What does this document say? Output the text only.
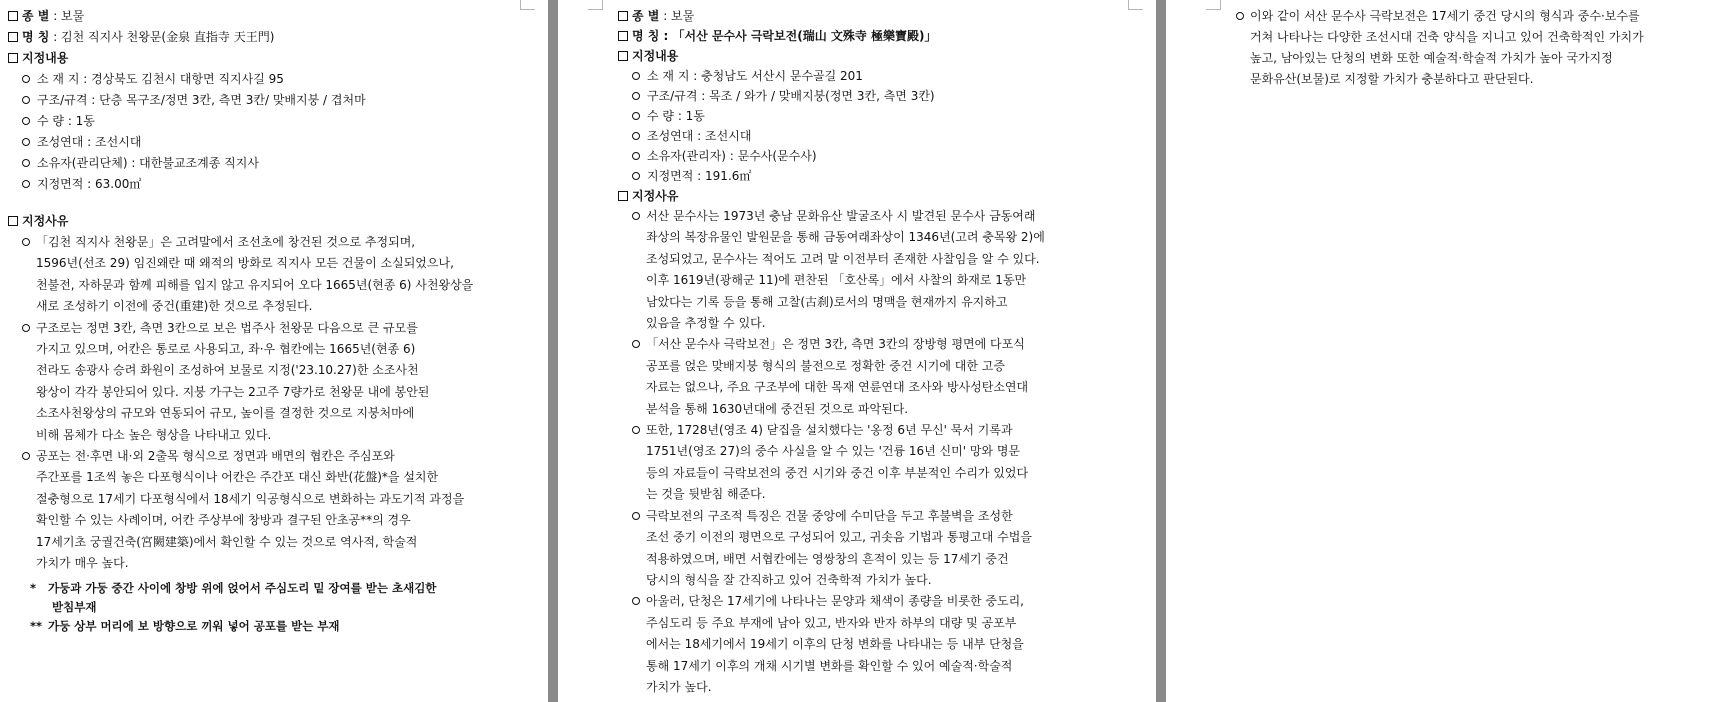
종 별 : 보물
명 칭 : 김천 직지사 천왕문(金泉 直指寺 天王門)
지정내용
소 재 지 : 경상북도 김천시 대항면 직지사길 95
구조/규격 : 단층 목구조/정면 3칸, 측면 3칸/ 맞배지붕 / 겹처마
수 량 : 1동
조성연대 : 조선시대
소유자(관리단체) : 대한불교조계종 직지사
지정면적 : 63.00㎡
지정사유
「김천 직지사 천왕문」은 고려말에서 조선초에 창건된 것으로 추정되며,
1596년(선조 29) 임진왜란 때 왜적의 방화로 직지사 모든 건물이 소실되었으나,
천불전, 자하문과 함께 피해를 입지 않고 유지되어 오다 1665년(현종 6) 사천왕상을
새로 조성하기 이전에 중건(重建)한 것으로 추정된다.
구조로는 정면 3칸, 측면 3칸으로 보은 법주사 천왕문 다음으로 큰 규모를
가지고 있으며, 어칸은 통로로 사용되고, 좌·우 협칸에는 1665년(현종 6)
전라도 송광사 승려 화원이 조성하여 보물로 지정('23.10.27)한 소조사천
왕상이 각각 봉안되어 있다. 지붕 가구는 2고주 7량가로 천왕문 내에 봉안된
소조사천왕상의 규모와 연동되어 규모, 높이를 결정한 것으로 지붕처마에
비해 몸체가 다소 높은 형상을 나타내고 있다.
공포는 전·후면 내·외 2출목 형식으로 정면과 배면의 협칸은 주심포와
주간포를 1조씩 놓은 다포형식이나 어칸은 주간포 대신 화반(花盤)*을 설치한
절충형으로 17세기 다포형식에서 18세기 익공형식으로 변화하는 과도기적 과정을
확인할 수 있는 사례이며, 어칸 주상부에 창방과 결구된 안초공**의 경우
17세기초 궁궐건축(宮闕建築)에서 확인할 수 있는 것으로 역사적, 학술적
가치가 매우 높다.
* 가둥과 가둥 중간 사이에 창방 위에 얹어서 주심도리 밑 장여를 받는 초새김한
받침부재
** 가둥 상부 머리에 보 방향으로 끼워 넣어 공포를 받는 부재
종 별 : 보물
명 칭 : 「서산 문수사 극락보전(瑞山 文殊寺 極樂寶殿)」
지정내용
소 재 지 : 충청남도 서산시 문수골길 201
구조/규격 : 목조 / 와가 / 맞배지붕(정면 3칸, 측면 3칸)
수 량 : 1동
조성연대 : 조선시대
소유자(관리자) : 문수사(문수사)
지정면적 : 191.6㎡
지정사유
서산 문수사는 1973년 충남 문화유산 발굴조사 시 발견된 문수사 금동여래
좌상의 복장유물인 발원문을 통해 금동여래좌상이 1346년(고려 충목왕 2)에
조성되었고, 문수사는 적어도 고려 말 이전부터 존재한 사찰임을 알 수 있다.
이후 1619년(광해군 11)에 편찬된 「호산록」에서 사찰의 화재로 1동만
남았다는 기록 등을 통해 고찰(古刹)로서의 명맥을 현재까지 유지하고
있음을 추정할 수 있다.
「서산 문수사 극락보전」은 정면 3칸, 측면 3칸의 장방형 평면에 다포식
공포를 얹은 맞배지붕 형식의 불전으로 정확한 중건 시기에 대한 고증
자료는 없으나, 주요 구조부에 대한 목재 연륜연대 조사와 방사성탄소연대
분석을 통해 1630년대에 중건된 것으로 파악된다.
또한, 1728년(영조 4) 닫집을 설치했다는 '옹정 6년 무신' 묵서 기록과
1751년(영조 27)의 중수 사실을 알 수 있는 '건륭 16년 신미' 망와 명문
등의 자료들이 극락보전의 중건 시기와 중건 이후 부분적인 수리가 있었다
는 것을 뒷받침 해준다.
극락보전의 구조적 특징은 건물 중앙에 수미단을 두고 후불벽을 조성한
조선 중기 이전의 평면으로 구성되어 있고, 귀솟음 기법과 통평고대 수법을
적용하였으며, 배면 서협칸에는 영쌍창의 흔적이 있는 등 17세기 중건
당시의 형식을 잘 간직하고 있어 건축학적 가치가 높다.
아울러, 단청은 17세기에 나타나는 문양과 채색이 종량을 비롯한 중도리,
주심도리 등 주요 부재에 남아 있고, 반자와 반자 하부의 대량 및 공포부
에서는 18세기에서 19세기 이후의 단청 변화를 나타내는 등 내부 단청을
통해 17세기 이후의 개채 시기별 변화를 확인할 수 있어 예술적·학술적
가치가 높다.
이와 같이 서산 문수사 극락보전은 17세기 중건 당시의 형식과 중수·보수를
거쳐 나타나는 다양한 조선시대 건축 양식을 지니고 있어 건축학적인 가치가
높고, 남아있는 단청의 변화 또한 예술적·학술적 가치가 높아 국가지정
문화유산(보물)로 지정할 가치가 충분하다고 판단된다.
